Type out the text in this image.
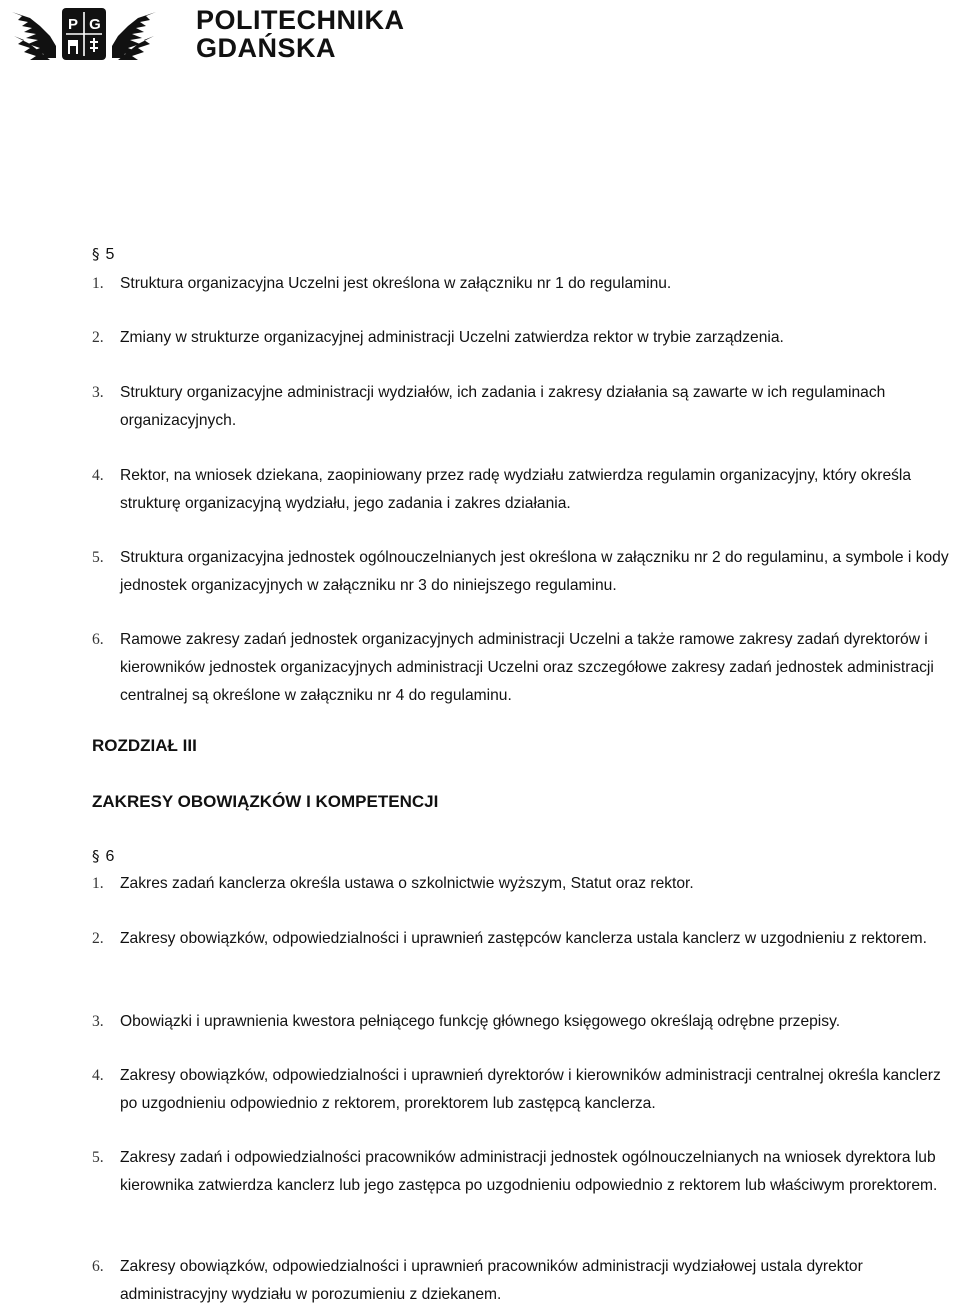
P G	POLITECHNIKA
GDAŃSKA
§ 5
1. Struktura organizacyjna Uczelni jest określona w załączniku nr 1 do regulaminu.
2. Zmiany w strukturze organizacyjnej administracji Uczelni zatwierdza rektor w trybie zarządzenia.
3. Struktury organizacyjne administracji wydziałów, ich zadania i zakresy działania są zawarte w ich regulaminach organizacyjnych.
4. Rektor, na wniosek dziekana, zaopiniowany przez radę wydziału zatwierdza regulamin organizacyjny, który określa strukturę organizacyjną wydziału, jego zadania i zakres działania.
5. Struktura organizacyjna jednostek ogólnouczelnianych jest określona w załączniku nr 2 do regulaminu, a symbole i kody jednostek organizacyjnych w załączniku nr 3 do niniejszego regulaminu.
6. Ramowe zakresy zadań jednostek organizacyjnych administracji Uczelni a także ramowe zakresy zadań dyrektorów i kierowników jednostek organizacyjnych administracji Uczelni oraz szczegółowe zakresy zadań jednostek administracji centralnej są określone w załączniku nr 4 do regulaminu.
ROZDZIAŁ III
ZAKRESY OBOWIĄZKÓW I KOMPETENCJI
§ 6
1. Zakres zadań kanclerza określa ustawa o szkolnictwie wyższym, Statut oraz rektor.
2. Zakresy obowiązków, odpowiedzialności i uprawnień zastępców kanclerza ustala kanclerz w uzgodnieniu z rektorem.
3. Obowiązki i uprawnienia kwestora pełniącego funkcję głównego księgowego określają odrębne przepisy.
4. Zakresy obowiązków, odpowiedzialności i uprawnień dyrektorów i kierowników administracji centralnej określa kanclerz po uzgodnieniu odpowiednio z rektorem, prorektorem lub zastępcą kanclerza.
5. Zakresy zadań i odpowiedzialności pracowników administracji jednostek ogólnouczelnianych na wniosek dyrektora lub kierownika zatwierdza kanclerz lub jego zastępca po uzgodnieniu odpowiednio z rektorem lub właściwym prorektorem.
6. Zakresy obowiązków, odpowiedzialności i uprawnień pracowników administracji wydziałowej ustala dyrektor administracyjny wydziału w porozumieniu z dziekanem.
